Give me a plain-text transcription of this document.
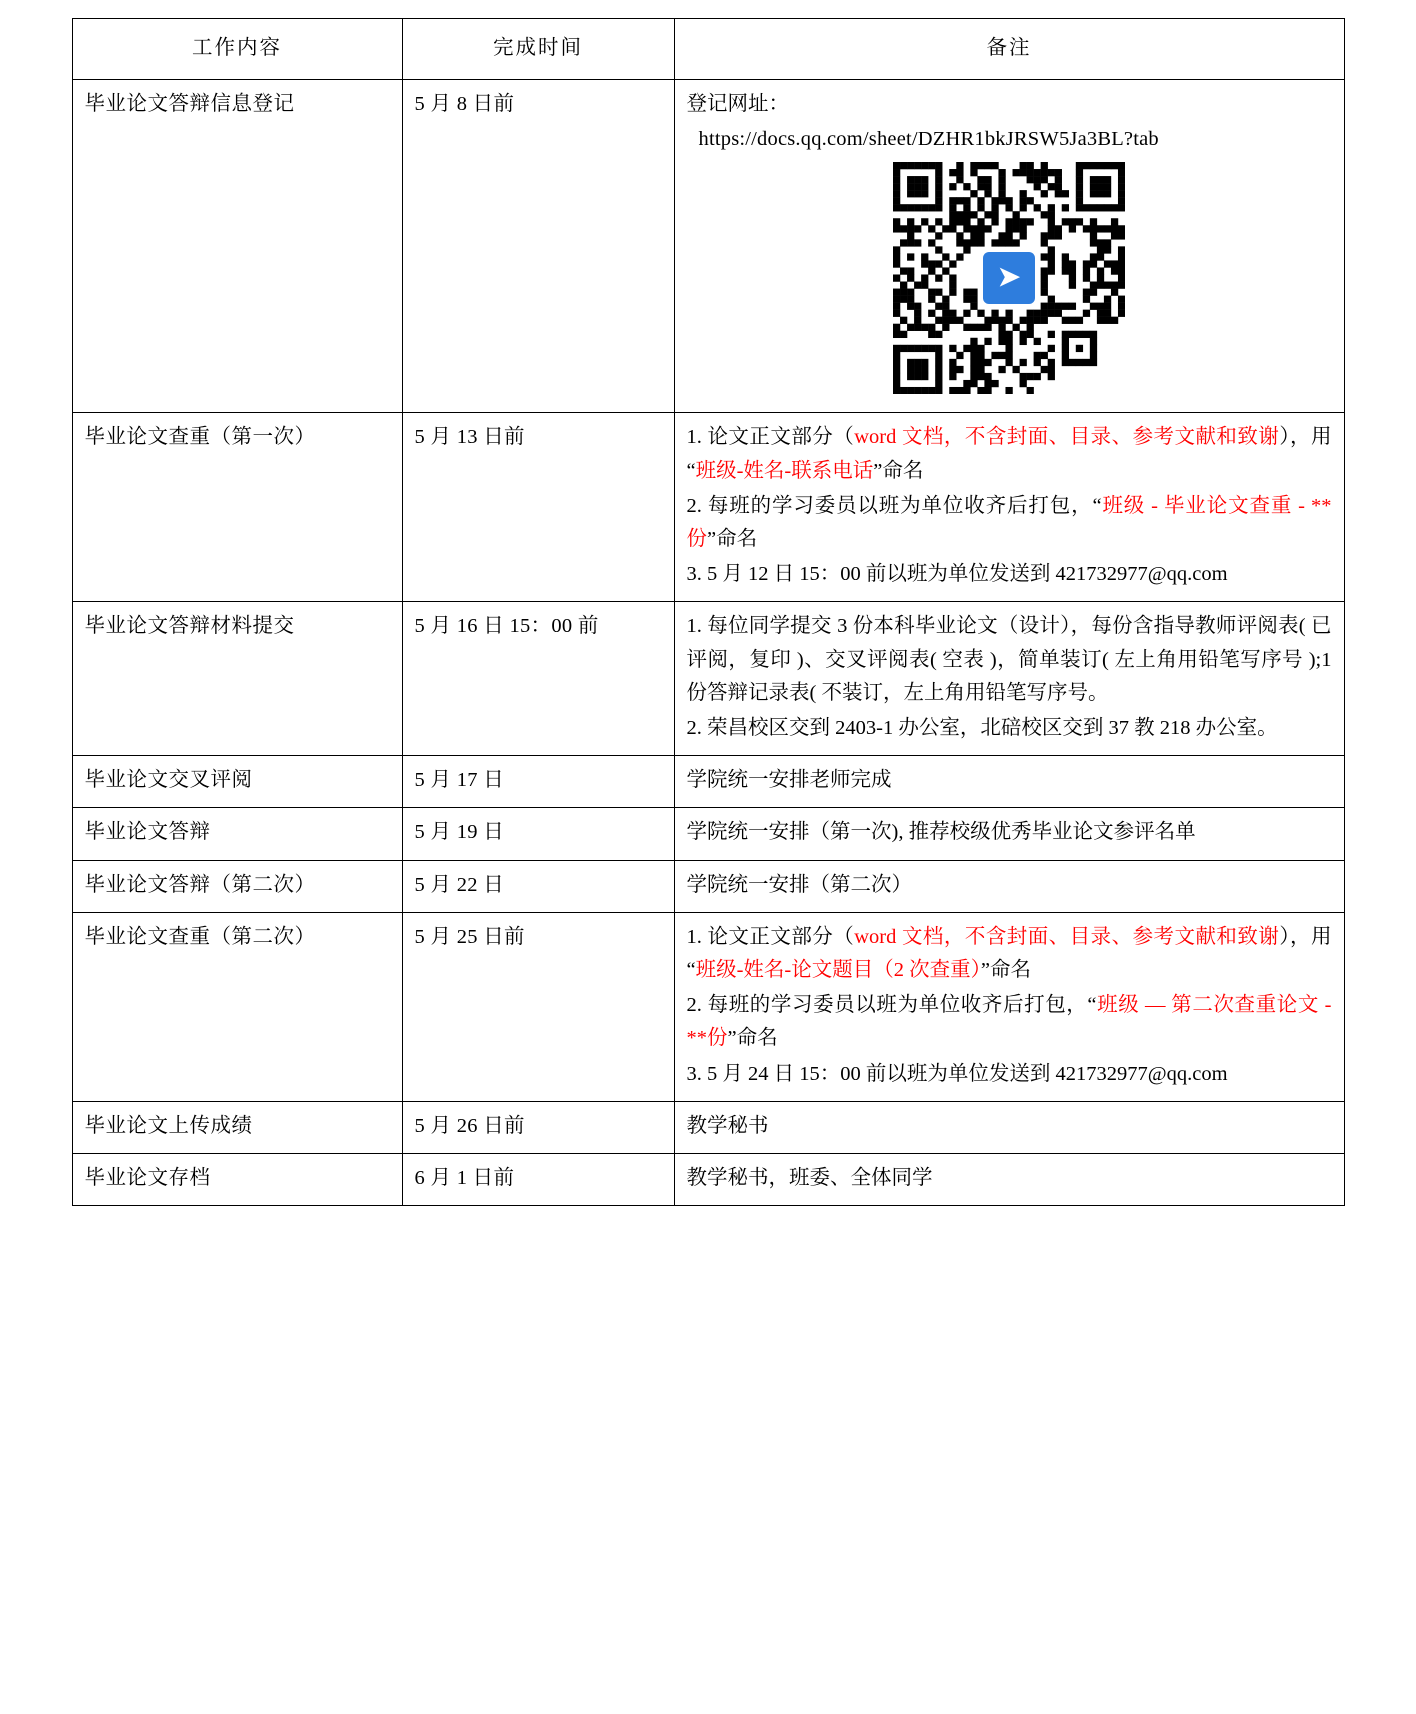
工作内容	完成时间	备注
毕业论文答辩信息登记	5 月 8 日前	登记网址：

https://docs.qq.com/sheet/DZHR1bkJRSW5Ja3BL?tab

➤

毕业论文查重（第一次）	5 月 13 日前	1. 论文正文部分（word 文档，不含封面、目录、参考文献和致谢），用“班级-姓名-联系电话”命名

2. 每班的学习委员以班为单位收齐后打包，“班级 - 毕业论文查重 - **份”命名

3. 5 月 12 日 15：00 前以班为单位发送到 421732977@qq.com

毕业论文答辩材料提交	5 月 16 日 15：00 前	1. 每位同学提交 3 份本科毕业论文（设计），每份含指导教师评阅表( 已评阅，复印 )、交叉评阅表( 空表 )，简单装订( 左上角用铅笔写序号 );1 份答辩记录表( 不装订，左上角用铅笔写序号。

2. 荣昌校区交到 2403-1 办公室，北碚校区交到 37 教 218 办公室。

毕业论文交叉评阅	5 月 17 日	学院统一安排老师完成

毕业论文答辩	5 月 19 日	学院统一安排（第一次), 推荐校级优秀毕业论文参评名单

毕业论文答辩（第二次）	5 月 22 日	学院统一安排（第二次）

毕业论文查重（第二次）	5 月 25 日前	1. 论文正文部分（word 文档，不含封面、目录、参考文献和致谢），用“班级-姓名-论文题目（2 次查重）”命名

2. 每班的学习委员以班为单位收齐后打包，“班级 — 第二次查重论文 - **份”命名

3. 5 月 24 日 15：00 前以班为单位发送到 421732977@qq.com

毕业论文上传成绩	5 月 26 日前	教学秘书

毕业论文存档	6 月 1 日前	教学秘书，班委、全体同学
